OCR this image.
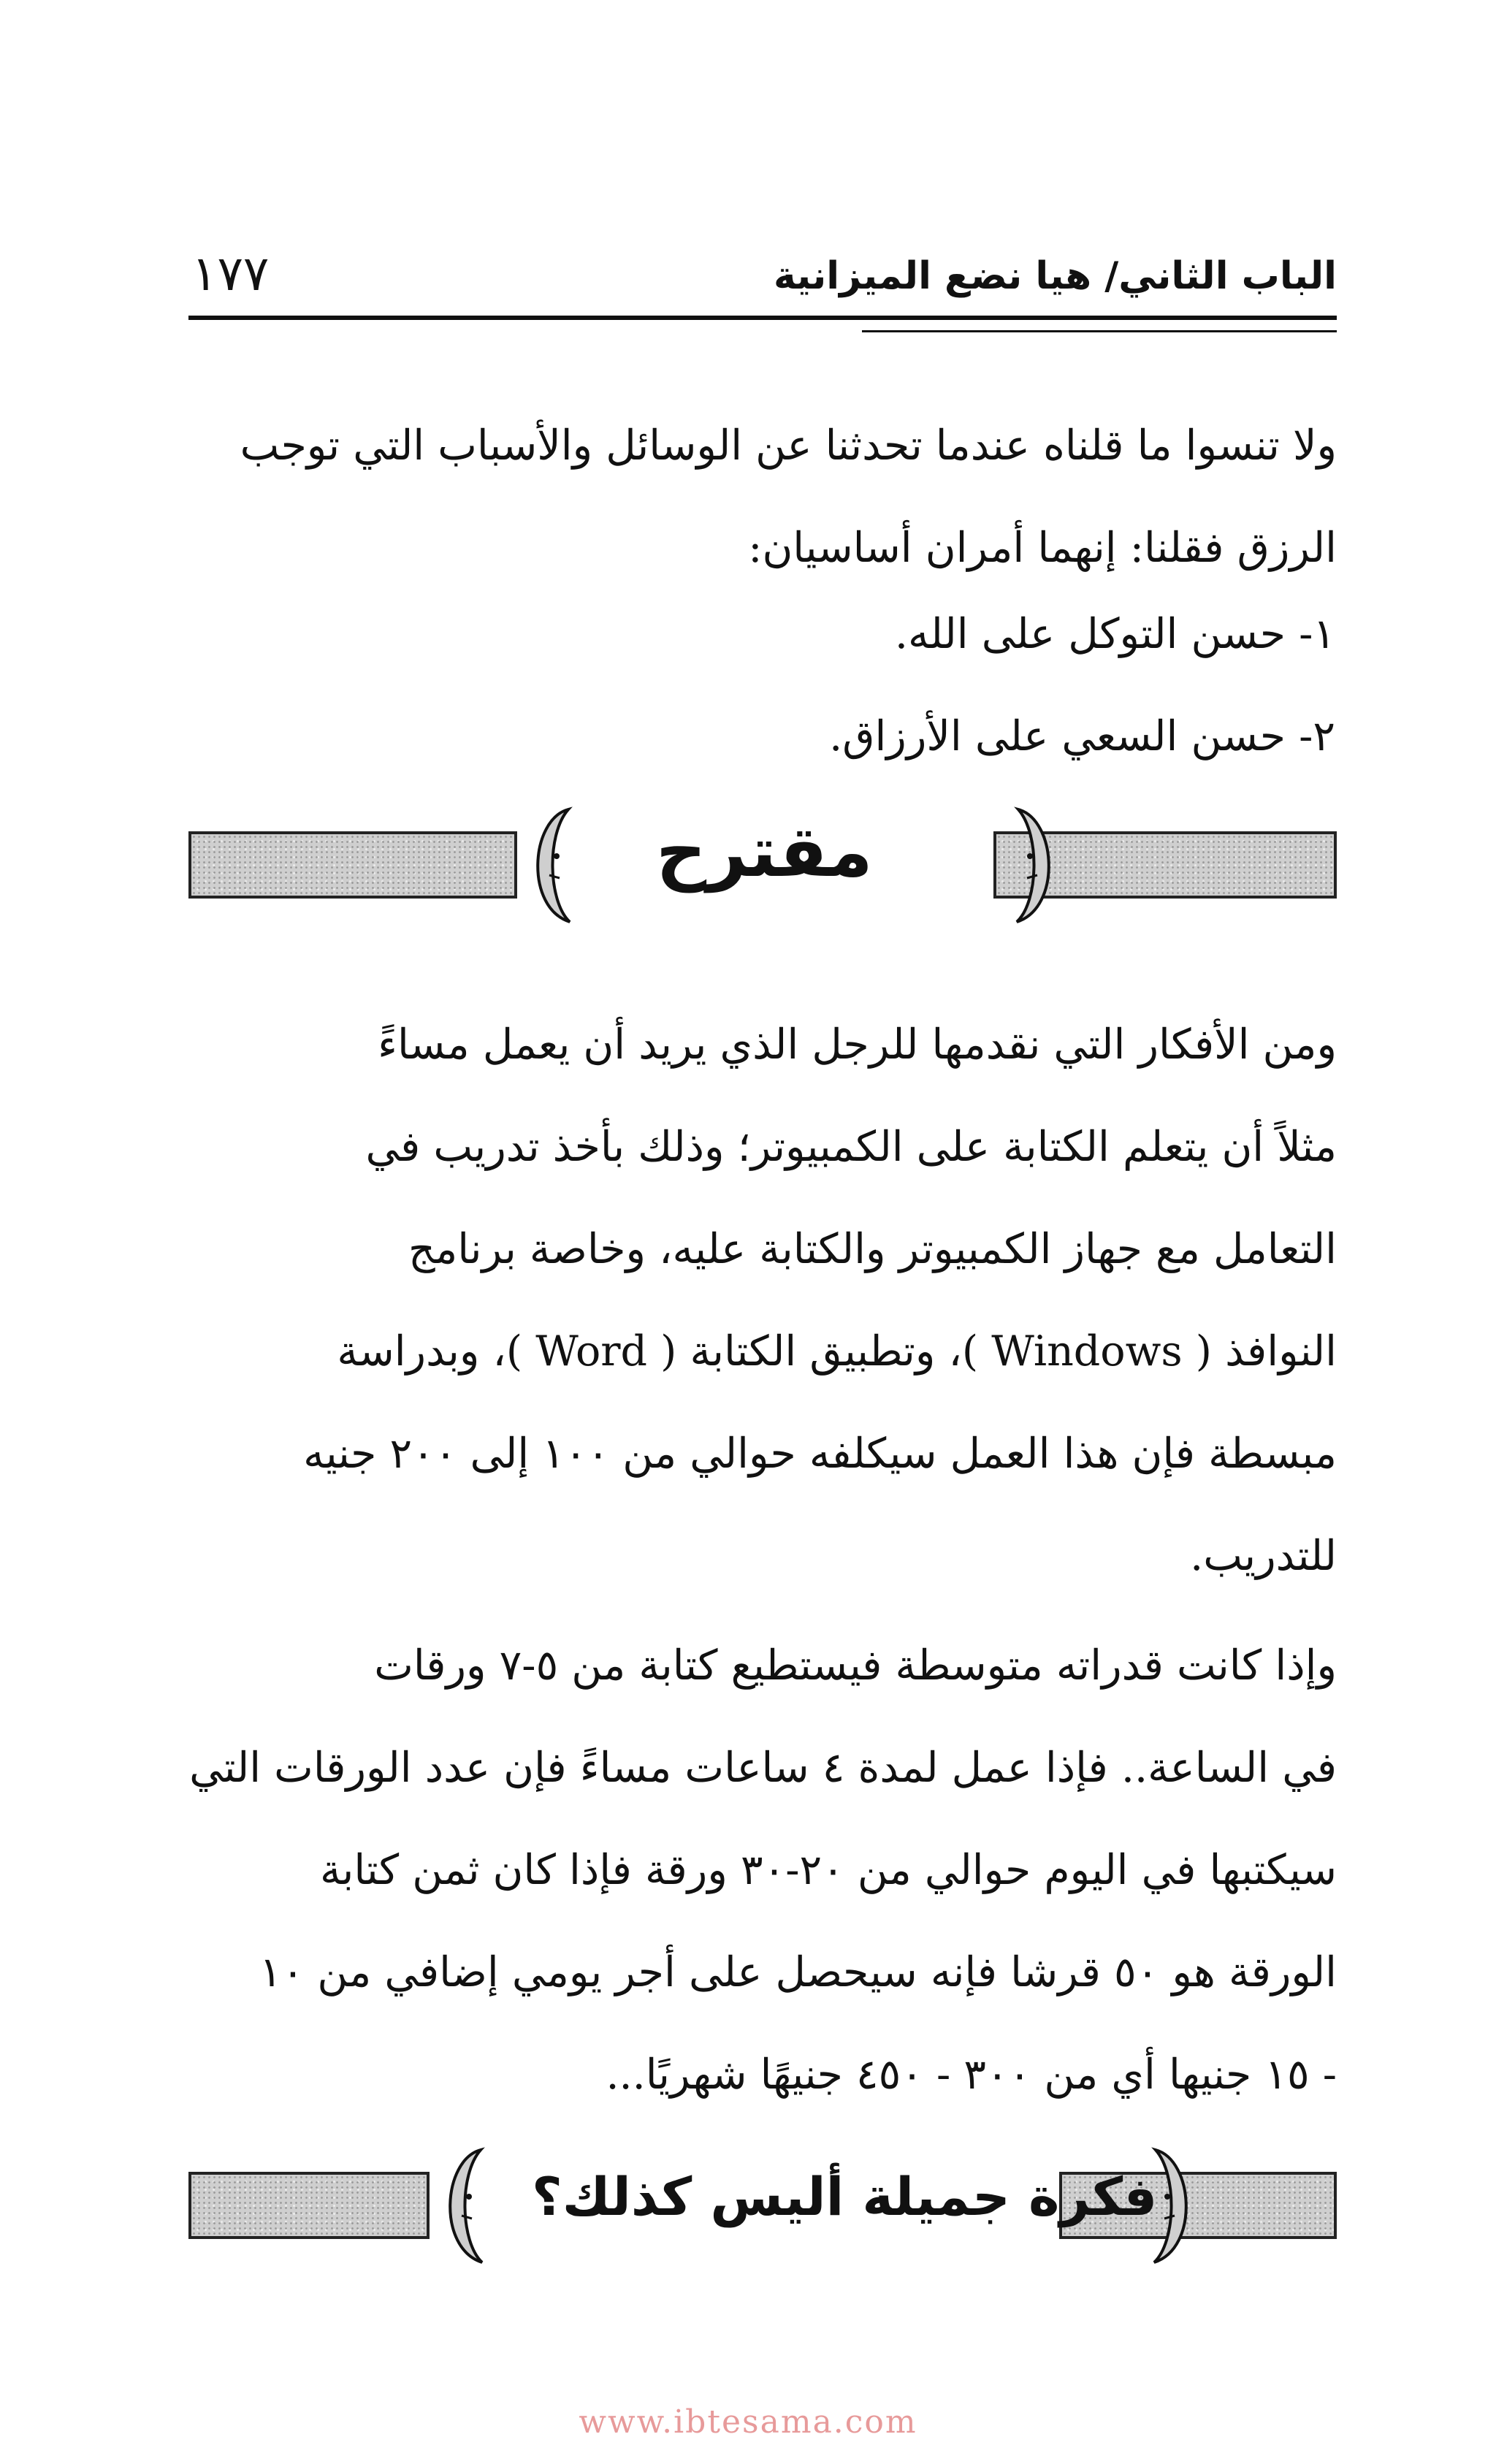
الباب الثاني/ هيا نضع الميزانية
١٧٧

ولا تنسوا ما قلناه عندما تحدثنا عن الوسائل والأسباب التي توجب

الرزق فقلنا: إنهما أمران أساسيان:

١- حسن التوكل على الله.
٢- حسن السعي على الأرزاق.
مقترح

ومن الأفكار التي نقدمها للرجل الذي يريد أن يعمل مساءً

مثلاً أن يتعلم الكتابة على الكمبيوتر؛ وذلك بأخذ تدريب في

التعامل مع جهاز الكمبيوتر والكتابة عليه، وخاصة برنامج

النوافذ ( Windows )، وتطبيق الكتابة ( Word )، وبدراسة

مبسطة فإن هذا العمل سيكلفه حوالي من ١٠٠ إلى ٢٠٠ جنيه

للتدريب.

وإذا كانت قدراته متوسطة فيستطيع كتابة من ٥-٧ ورقات

في الساعة.. فإذا عمل لمدة ٤ ساعات مساءً فإن عدد الورقات التي

سيكتبها في اليوم حوالي من ٢٠-٣٠ ورقة فإذا كان ثمن كتابة

الورقة هو ٥٠ قرشا فإنه سيحصل على أجر يومي إضافي من ١٠

- ١٥ جنيها أي من ٣٠٠ - ٤٥٠ جنيهًا شهريًا...

فكرة جميلة أليس كذلك؟
www.ibtesama.com
